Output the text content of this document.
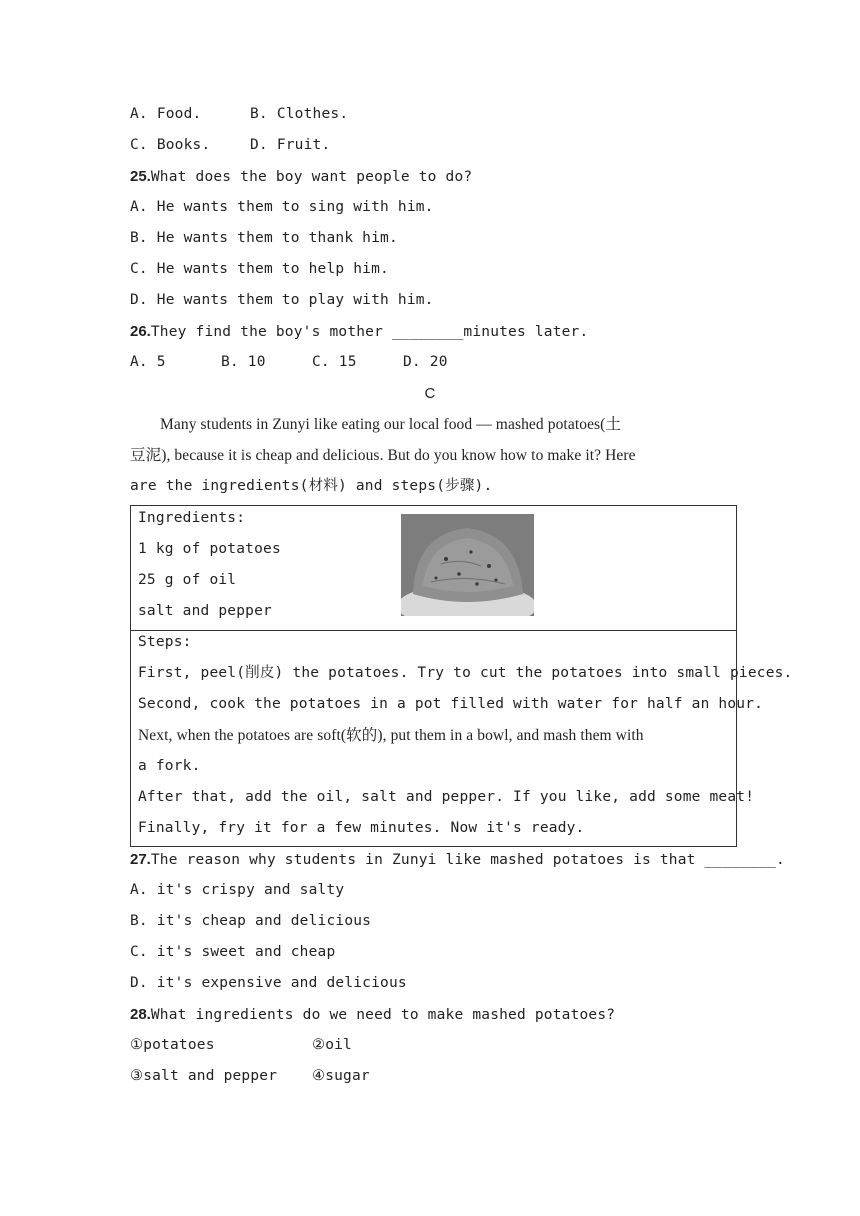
A. Food.	B. Clothes.
C. Books.	D. Fruit.
25.What does the boy want people to do?
A. He wants them to sing with him.
B. He wants them to thank him.
C. He wants them to help him.
D. He wants them to play with him.
26.They find the boy's mother ________minutes later.
A. 5	B. 10	C. 15	D. 20
C
Many students in Zunyi like eating our local food — mashed potatoes(土
豆泥), because it is cheap and delicious. But do you know how to make it? Here
are the ingredients(材料) and steps(步骤).
Ingredients:
1 kg of potatoes
25 g of oil
salt and pepper
Steps:
First, peel(削皮) the potatoes. Try to cut the potatoes into small pieces.
Second, cook the potatoes in a pot filled with water for half an hour.
Next, when the potatoes are soft(软的), put them in a bowl, and mash them with
a fork.
After that, add the oil, salt and pepper. If you like, add some meat!
Finally, fry it for a few minutes. Now it's ready.
27.The reason why students in Zunyi like mashed potatoes is that ________.
A. it's crispy and salty
B. it's cheap and delicious
C. it's sweet and cheap
D. it's expensive and delicious
28.What ingredients do we need to make mashed potatoes?
①potatoes	②oil
③salt and pepper ④sugar
